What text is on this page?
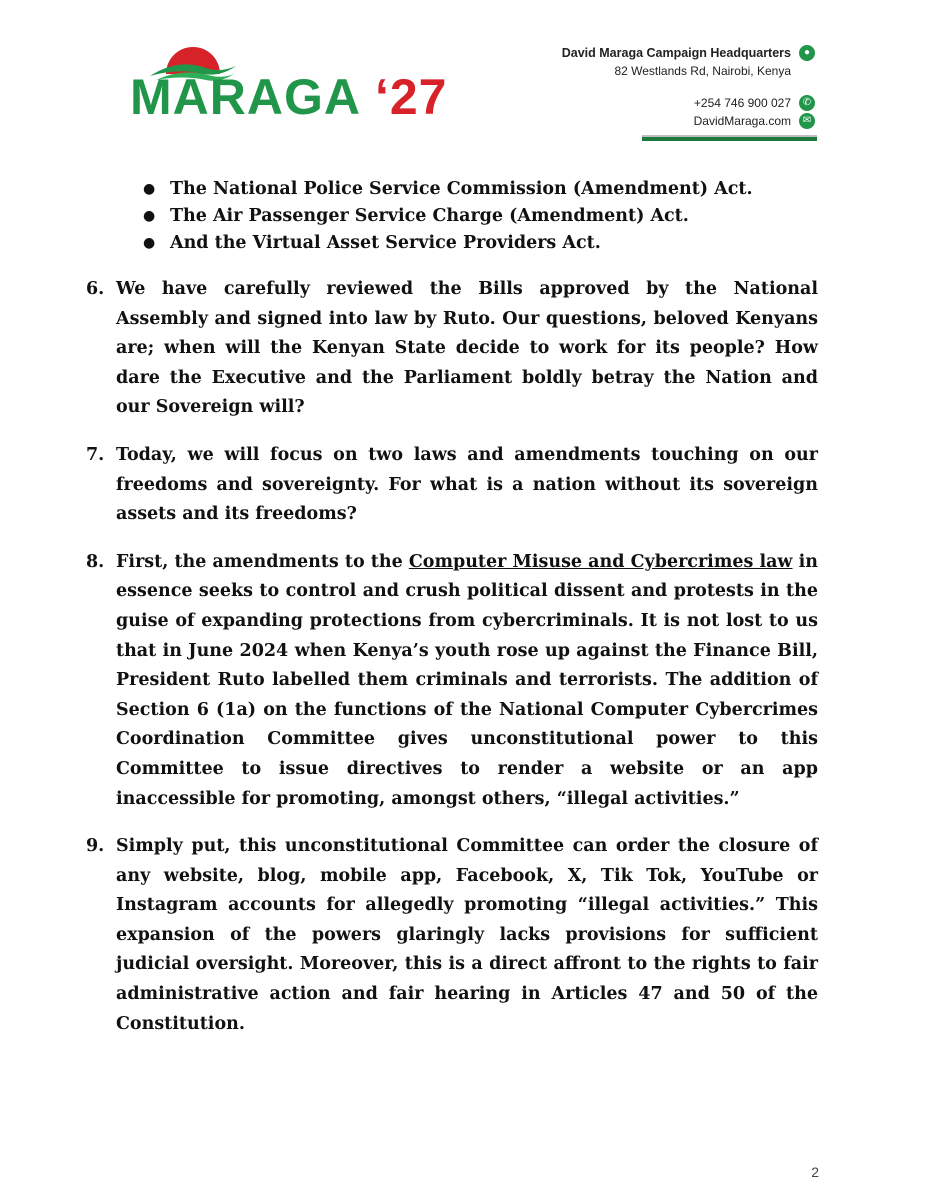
MARAGA ‘27
David Maraga Campaign Headquarters	●
82 Westlands Rd, Nairobi, Kenya
+254 746 900 027	✆
DavidMaraga.com	✉
● The National Police Service Commission (Amendment) Act.
● The Air Passenger Service Charge (Amendment) Act.
● And the Virtual Asset Service Providers Act.
6. We have carefully reviewed the Bills approved by the National Assembly and signed into law by Ruto. Our questions, beloved Kenyans are; when will the Kenyan State decide to work for its people? How dare the Executive and the Parliament boldly betray the Nation and our Sovereign will?
7. Today, we will focus on two laws and amendments touching on our freedoms and sovereignty. For what is a nation without its sovereign assets and its freedoms?
8. First, the amendments to the Computer Misuse and Cybercrimes law in essence seeks to control and crush political dissent and protests in the guise of expanding protections from cybercriminals. It is not lost to us that in June 2024 when Kenya’s youth rose up against the Finance Bill, President Ruto labelled them criminals and terrorists. The addition of Section 6 (1a) on the functions of the National Computer Cybercrimes Coordination Committee gives unconstitutional power to this Committee to issue directives to render a website or an app inaccessible for promoting, amongst others, “illegal activities.”
9. Simply put, this unconstitutional Committee can order the closure of any website, blog, mobile app, Facebook, X, Tik Tok, YouTube or Instagram accounts for allegedly promoting “illegal activities.” This expansion of the powers glaringly lacks provisions for sufficient judicial oversight. Moreover, this is a direct affront to the rights to fair administrative action and fair hearing in Articles 47 and 50 of the Constitution.
2
